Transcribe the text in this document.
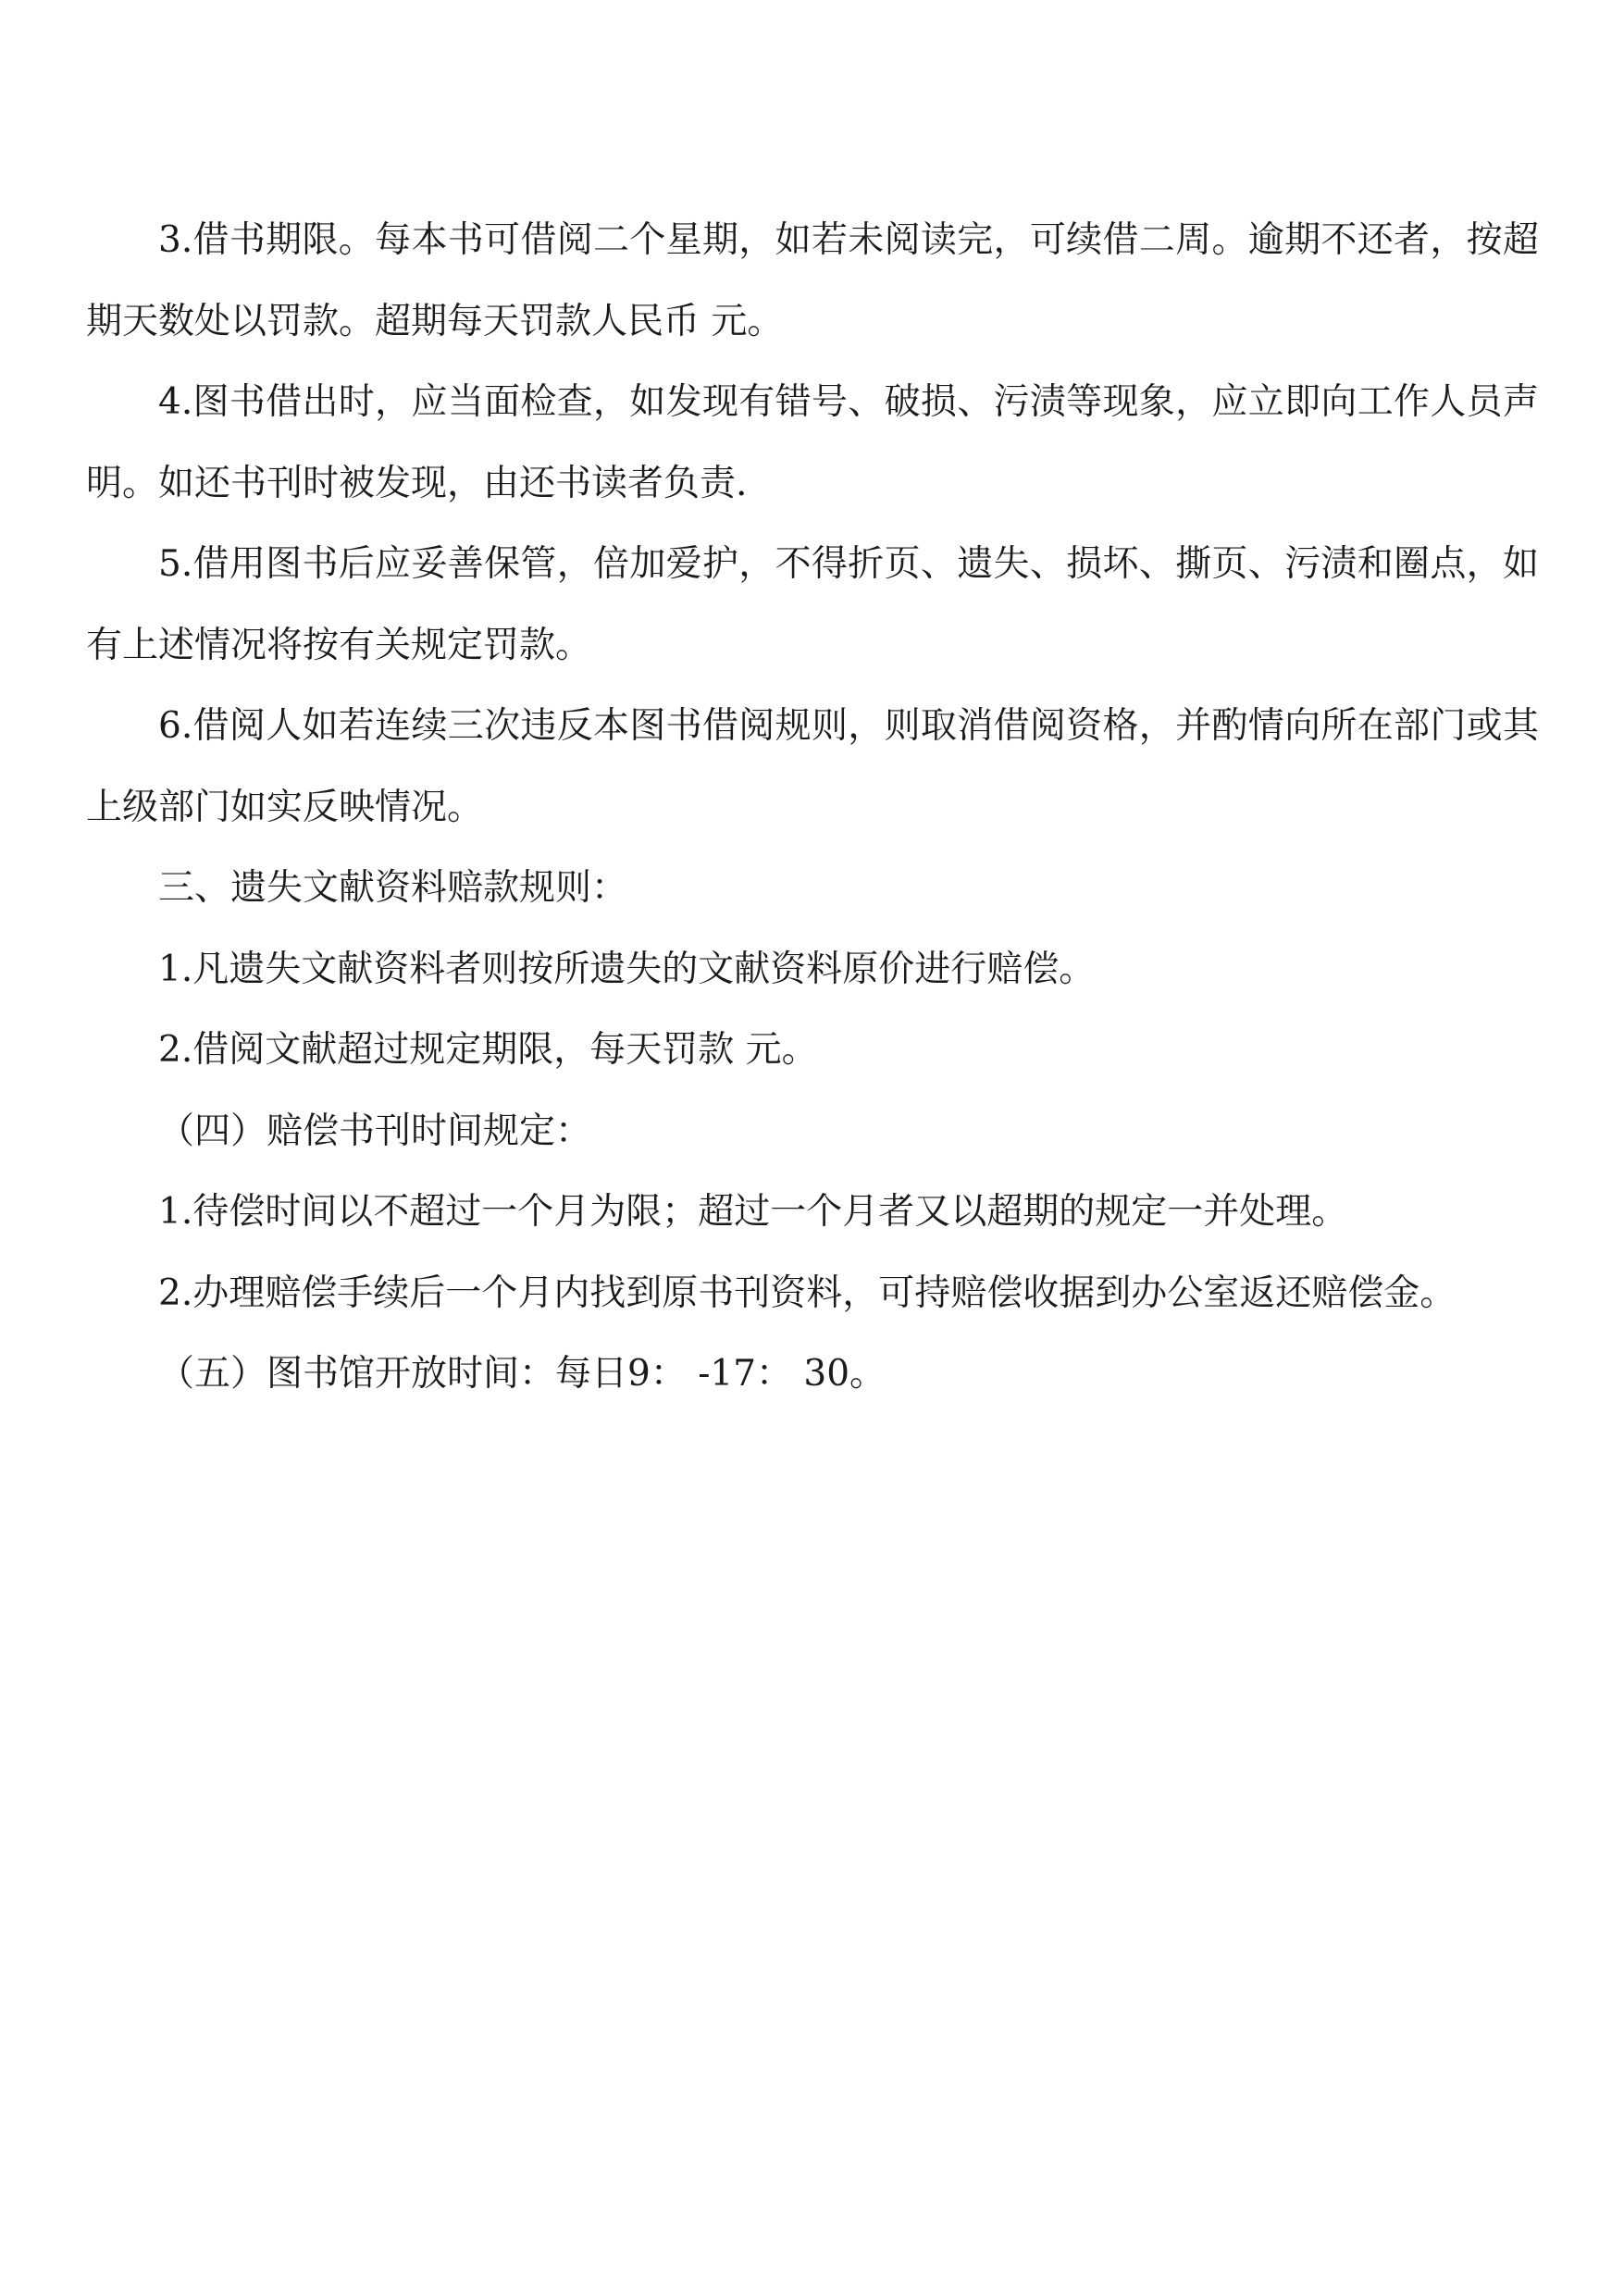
3.借书期限。每本书可借阅二个星期，如若未阅读完，可续借二周。逾期不还者，按超期天数处以罚款。超期每天罚款人民币 元。

4.图书借出时，应当面检查，如发现有错号、破损、污渍等现象，应立即向工作人员声明。如还书刊时被发现，由还书读者负责.

5.借用图书后应妥善保管，倍加爱护，不得折页、遗失、损坏、撕页、污渍和圈点，如有上述情况将按有关规定罚款。

6.借阅人如若连续三次违反本图书借阅规则，则取消借阅资格，并酌情向所在部门或其上级部门如实反映情况。

三、遗失文献资料赔款规则：

1.凡遗失文献资料者则按所遗失的文献资料原价进行赔偿。

2.借阅文献超过规定期限，每天罚款 元。

（四）赔偿书刊时间规定：

1.待偿时间以不超过一个月为限；超过一个月者又以超期的规定一并处理。

2.办理赔偿手续后一个月内找到原书刊资料，可持赔偿收据到办公室返还赔偿金。

（五）图书馆开放时间：每日9： -17： 30。
